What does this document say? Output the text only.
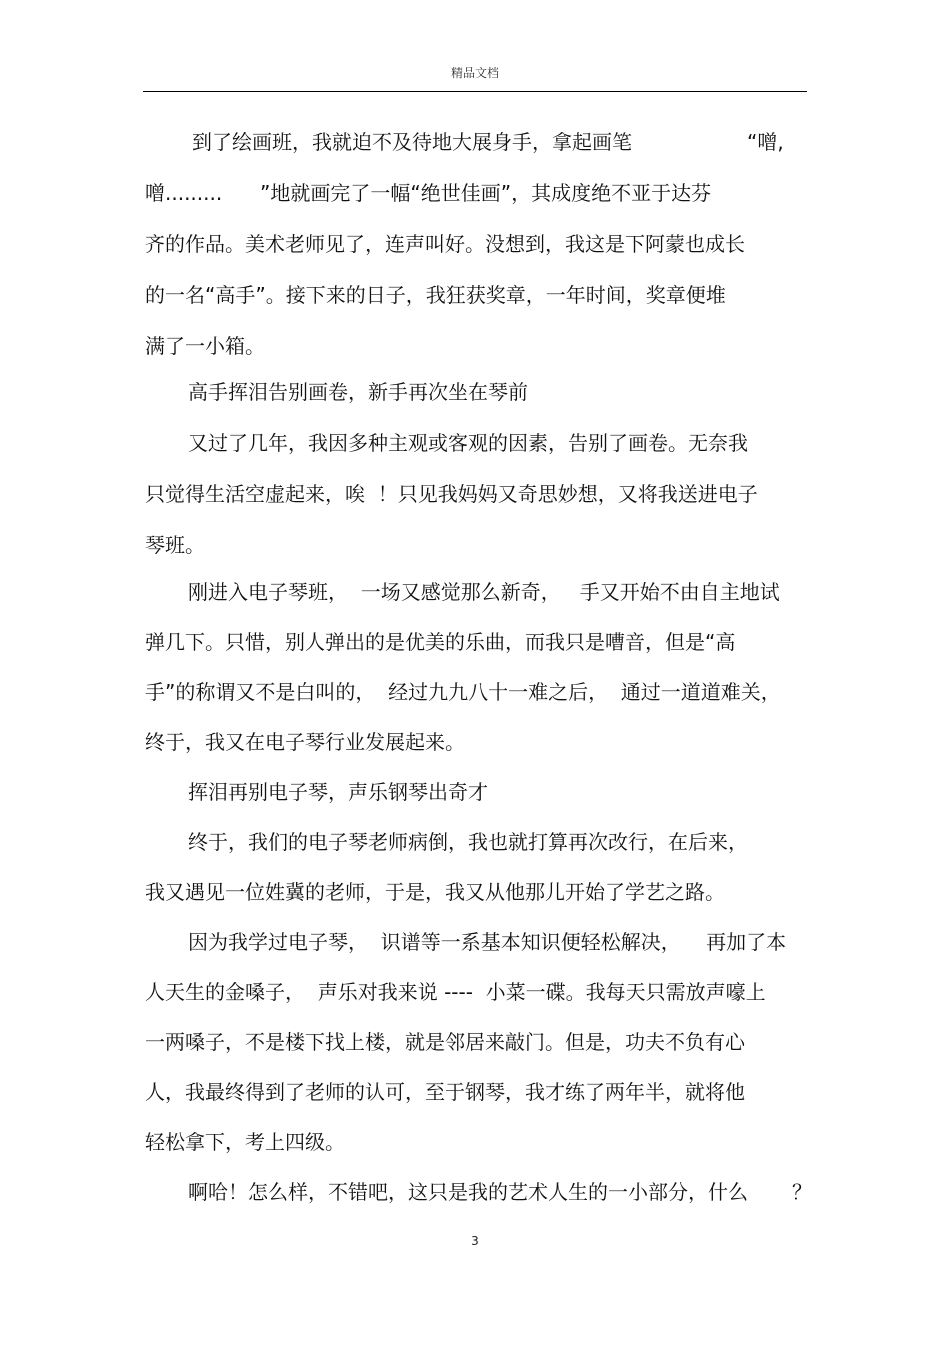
精品文档
到了绘画班，我就迫不及待地大展身手，拿起画笔	“噌,
噌......... ”地就画完了一幅“绝世佳画”，其成度绝不亚于达芬
齐的作品。美术老师见了，连声叫好。没想到，我这是下阿蒙也成长
的一名“高手”。接下来的日子，我狂获奖章，一年时间，奖章便堆
满了一小箱。
高手挥泪告别画卷，新手再次坐在琴前
又过了几年，我因多种主观或客观的因素，告别了画卷。无奈我
只觉得生活空虚起来，唉  ！只见我妈妈又奇思妙想，又将我送进电子
琴班。
刚进入电子琴班，  一场又感觉那么新奇，   手又开始不由自主地试
弹几下。只惜，别人弹出的是优美的乐曲，而我只是嘈音，但是“高
手”的称谓又不是白叫的，  经过九九八十一难之后，  通过一道道难关，
终于，我又在电子琴行业发展起来。
挥泪再别电子琴，声乐钢琴出奇才
终于，我们的电子琴老师病倒，我也就打算再次改行，在后来，
我又遇见一位姓冀的老师，于是，我又从他那儿开始了学艺之路。
因为我学过电子琴，  识谱等一系基本知识便轻松解决，    再加了本
人天生的金嗓子，  声乐对我来说 ----  小菜一碟。我每天只需放声嚎上
一两嗓子，不是楼下找上楼，就是邻居来敲门。但是，功夫不负有心
人，我最终得到了老师的认可，至于钢琴，我才练了两年半，就将他
轻松拿下，考上四级。
啊哈！怎么样，不错吧，这只是我的艺术人生的一小部分，什么 ？
3
